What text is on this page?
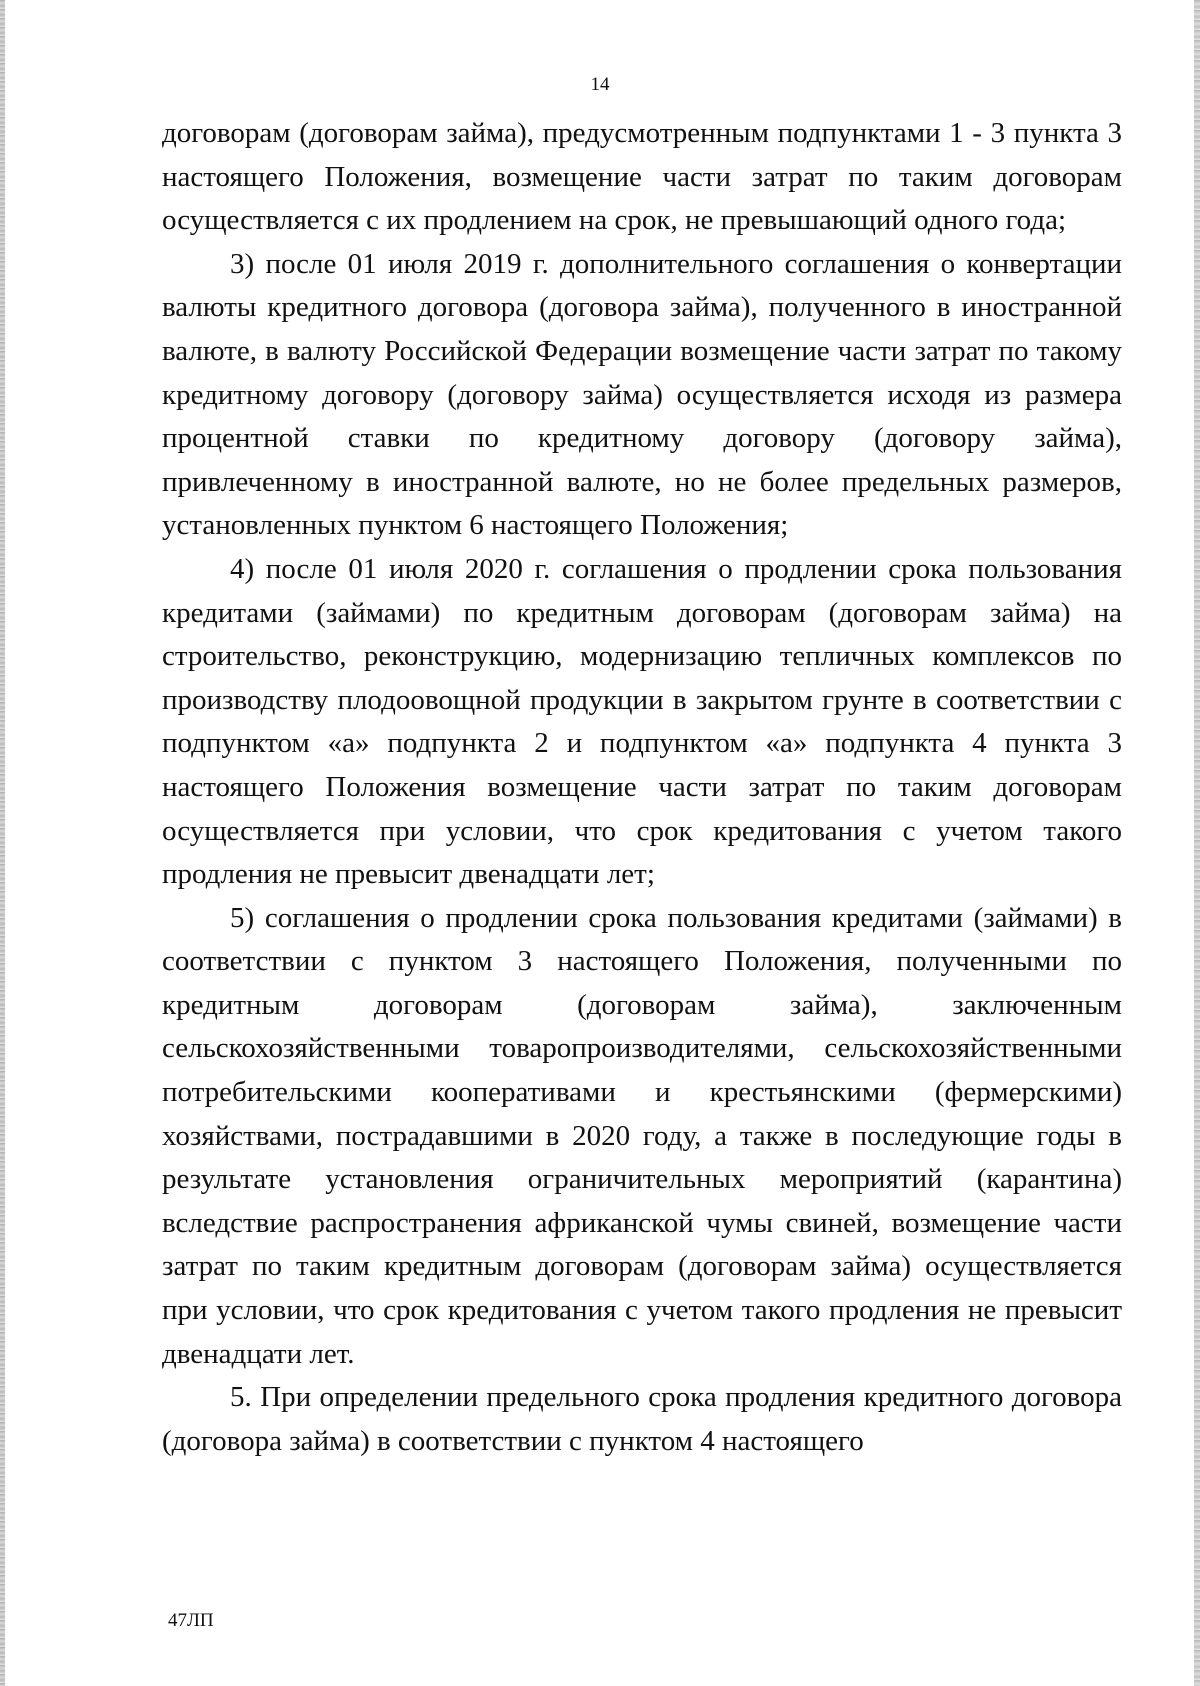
14

договорам (договорам займа), предусмотренным подпунктами 1 - 3 пункта 3 настоящего Положения, возмещение части затрат по таким договорам осуществляется с их продлением на срок, не превышающий одного года;

3) после 01 июля 2019 г. дополнительного соглашения о конвертации валюты кредитного договора (договора займа), полученного в иностранной валюте, в валюту Российской Федерации возмещение части затрат по такому кредитному договору (договору займа) осуществляется исходя из размера процентной ставки по кредитному договору (договору займа), привлеченному в иностранной валюте, но не более предельных размеров, установленных пунктом 6 настоящего Положения;

4) после 01 июля 2020 г. соглашения о продлении срока пользования кредитами (займами) по кредитным договорам (договорам займа) на строительство, реконструкцию, модернизацию тепличных комплексов по производству плодоовощной продукции в закрытом грунте в соответствии с подпунктом «а» подпункта 2 и подпунктом «а» подпункта 4 пункта 3 настоящего Положения возмещение части затрат по таким договорам осуществляется при условии, что срок кредитования с учетом такого продления не превысит двенадцати лет;

5) соглашения о продлении срока пользования кредитами (займами) в соответствии с пунктом 3 настоящего Положения, полученными по кредитным договорам (договорам займа), заключенным сельскохозяйственными товаропроизводителями, сельскохозяйственными потребительскими кооперативами и крестьянскими (фермерскими) хозяйствами, пострадавшими в 2020 году, а также в последующие годы в результате установления ограничительных мероприятий (карантина) вследствие распространения африканской чумы свиней, возмещение части затрат по таким кредитным договорам (договорам займа) осуществляется при условии, что срок кредитования с учетом такого продления не превысит двенадцати лет.

5. При определении предельного срока продления кредитного договора (договора займа) в соответствии с пунктом 4 настоящего

47ЛП
